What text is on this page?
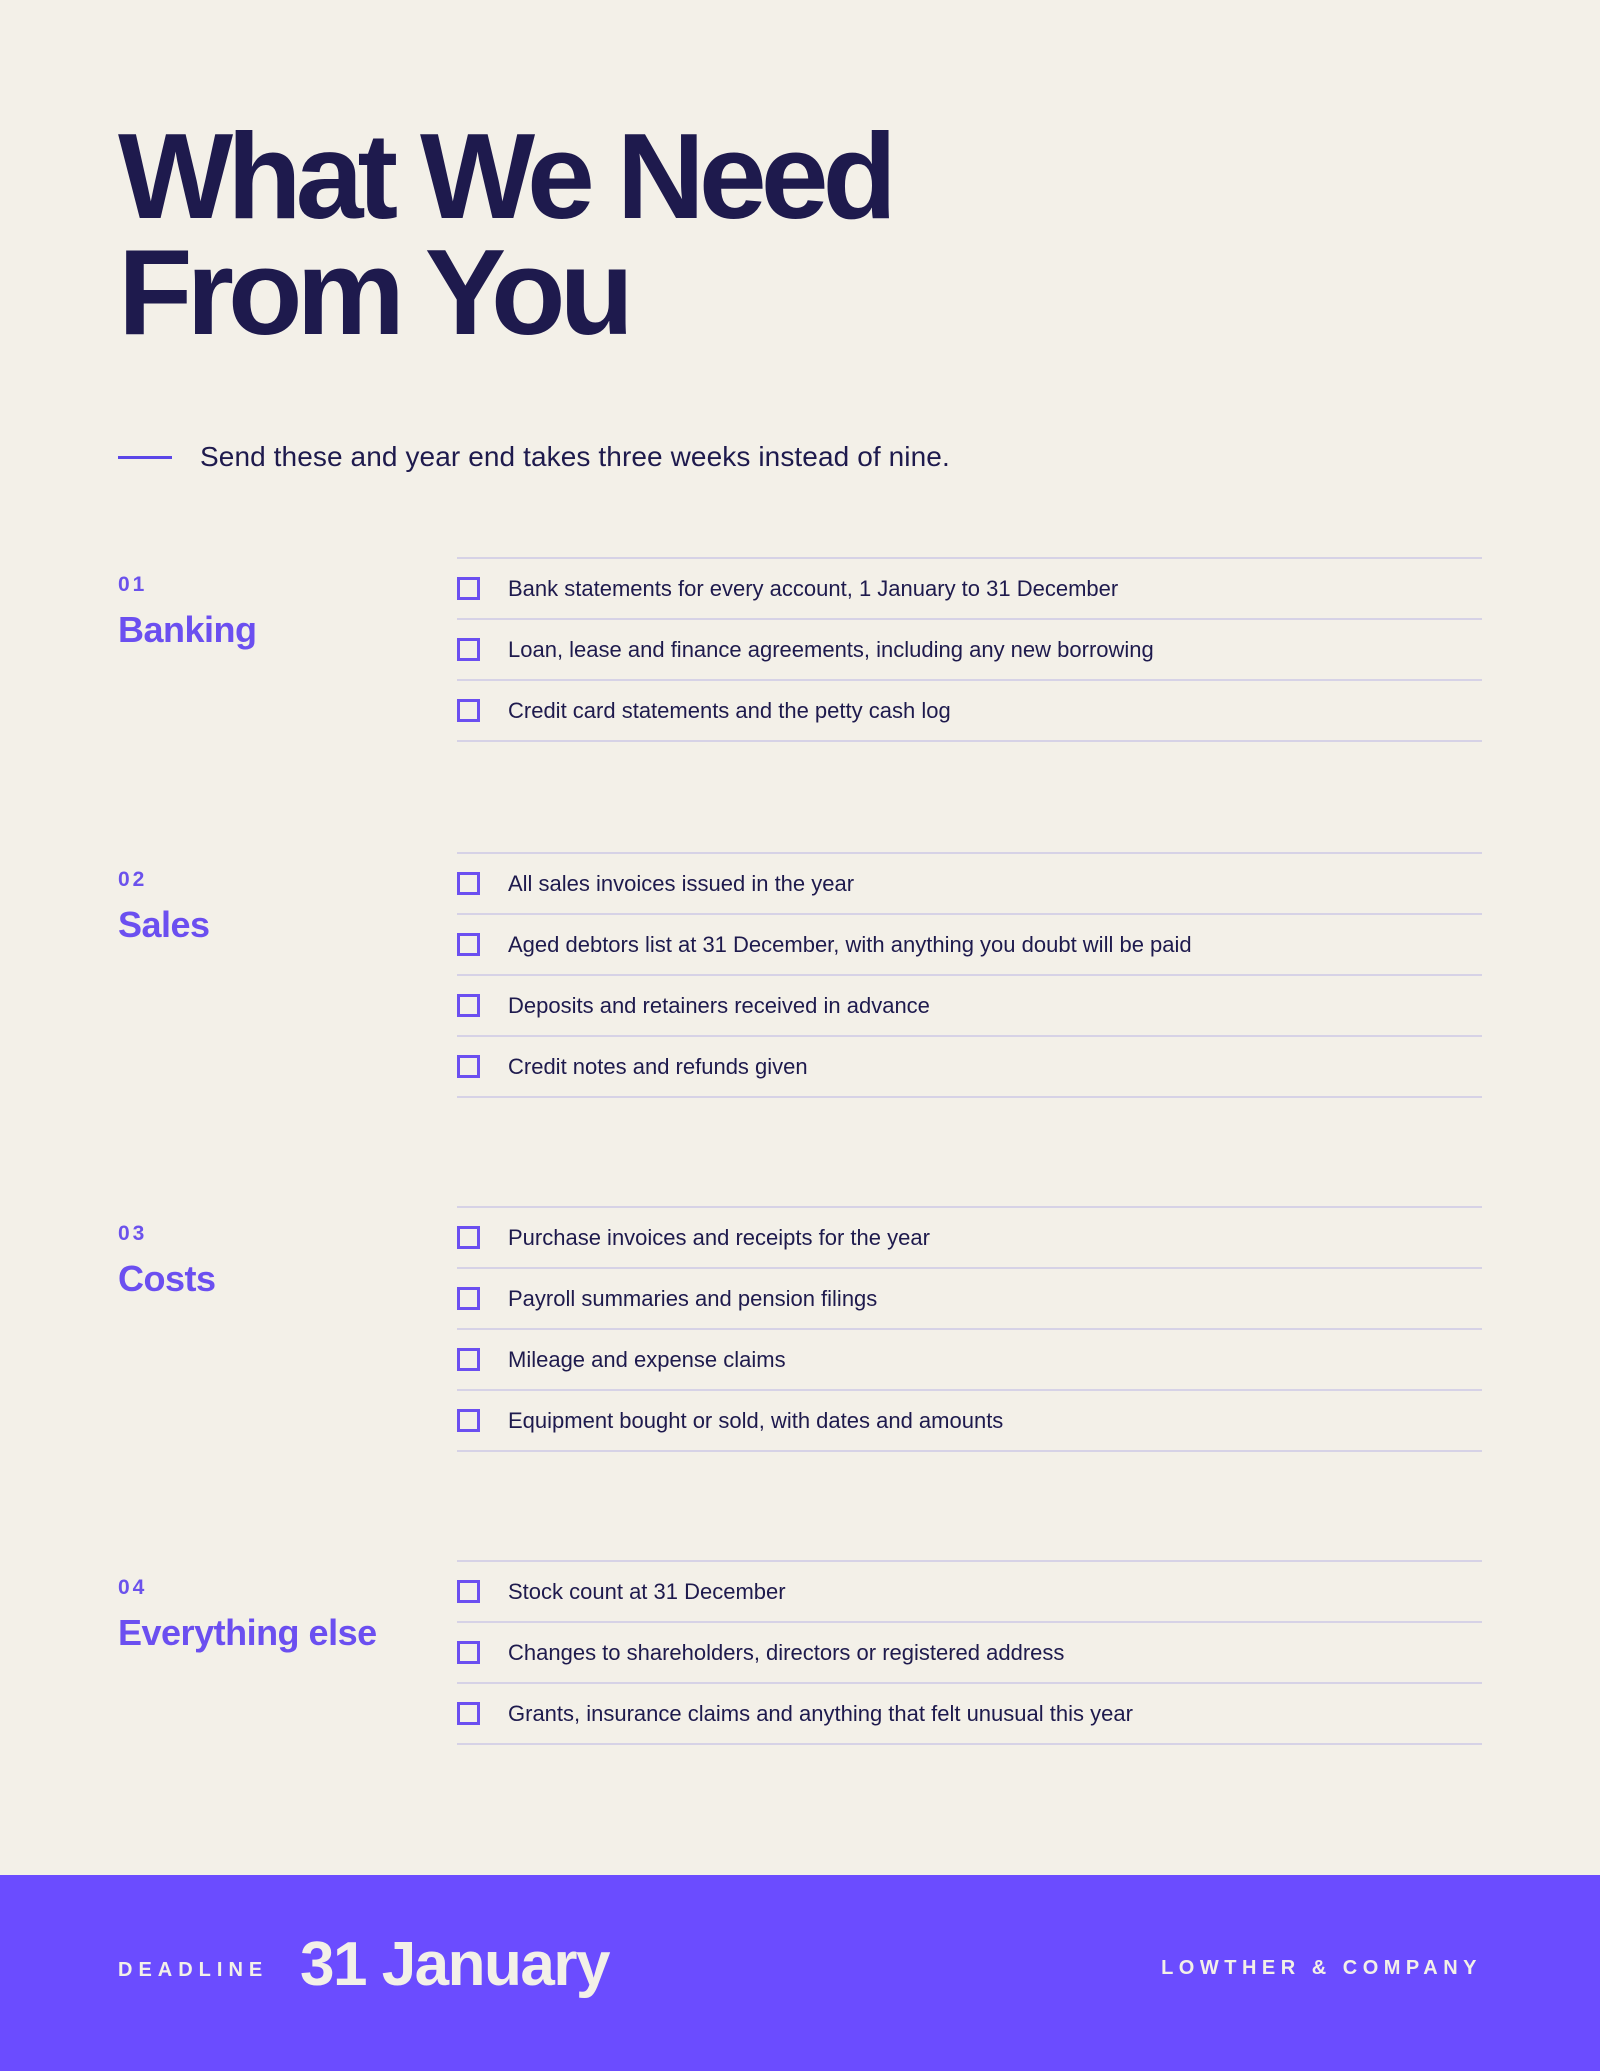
What We Need
From You
Send these and year end takes three weeks instead of nine.
01
Banking
Bank statements for every account, 1 January to 31 December
Loan, lease and finance agreements, including any new borrowing
Credit card statements and the petty cash log
02
Sales
All sales invoices issued in the year
Aged debtors list at 31 December, with anything you doubt will be paid
Deposits and retainers received in advance
Credit notes and refunds given
03
Costs
Purchase invoices and receipts for the year
Payroll summaries and pension filings
Mileage and expense claims
Equipment bought or sold, with dates and amounts
04
Everything else
Stock count at 31 December
Changes to shareholders, directors or registered address
Grants, insurance claims and anything that felt unusual this year
DEADLINE 31 January	LOWTHER & COMPANY
